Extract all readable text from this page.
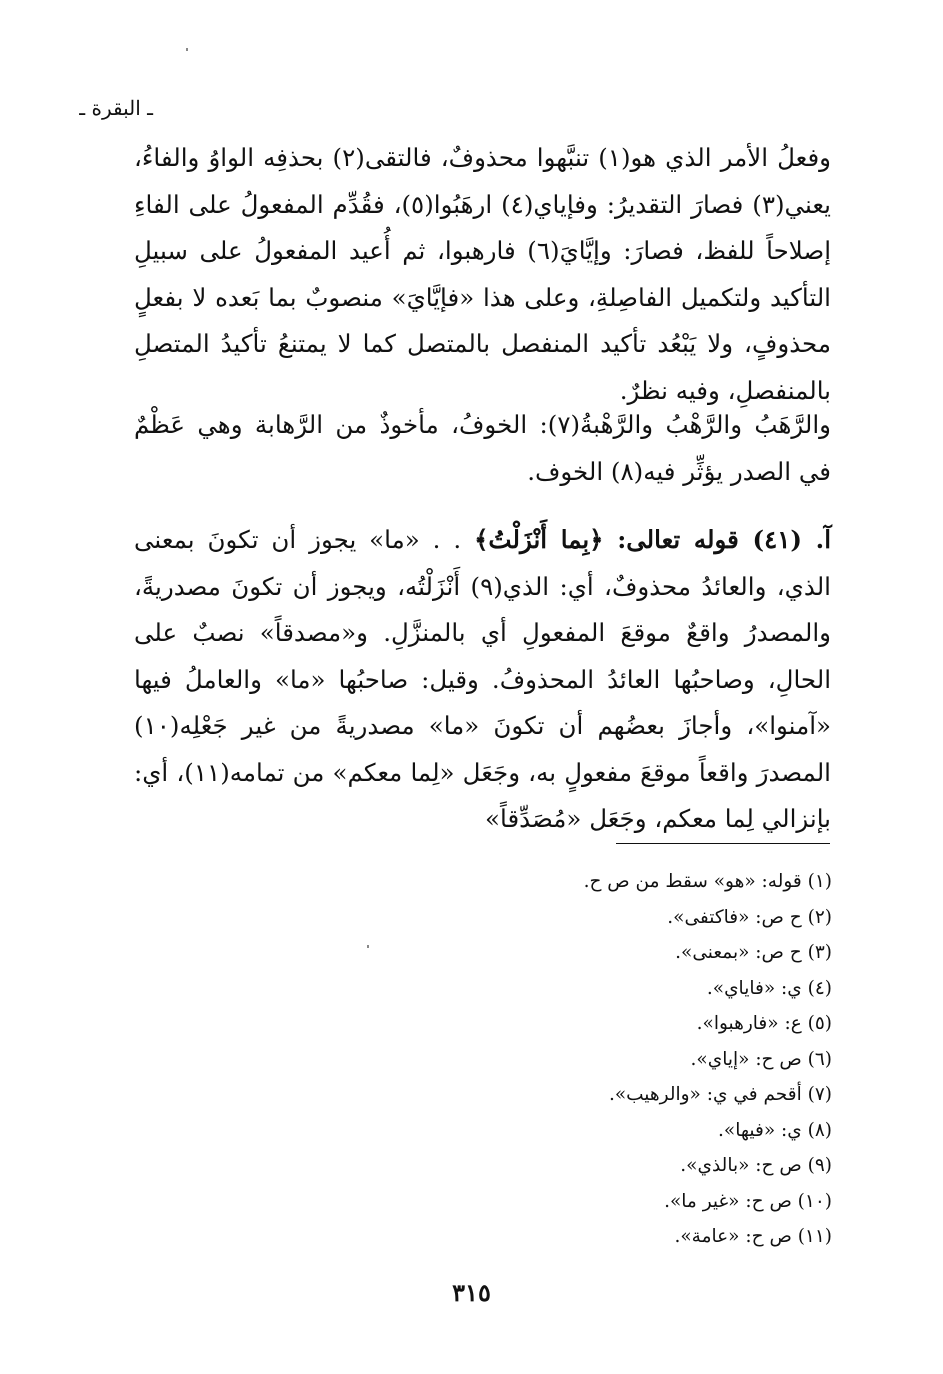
ـ البقرة ـ
وفعلُ الأمر الذي هو(١) تنبَّهوا محذوفٌ، فالتقى(٢) بحذفِه الواوُ والفاءُ، يعني(٣) فصارَ التقديرُ: وفإياي(٤) ارهَبُوا(٥)، فقُدِّم المفعولُ على الفاءِ إصلاحاً للفظ، فصارَ: وإيَّايَ(٦) فارهبوا، ثم أُعيد المفعولُ على سبيلِ التأكيد ولتكميل الفاصِلةِ، وعلى هذا «فإيَّايَ» منصوبٌ بما بَعده لا بفعلٍ محذوفٍ، ولا يَبْعُد تأكيد المنفصل بالمتصل كما لا يمتنعُ تأكيدُ المتصلِ بالمنفصلِ، وفيه نظرٌ.
والرَّهَبُ والرَّهْبُ والرَّهْبةُ(٧): الخوفُ، مأخوذٌ من الرَّهابة وهي عَظْمٌ في الصدر يؤثِّر فيه(٨) الخوف.
آ. (٤١) قوله تعالى: ﴿بِما أَنْزَلْتُ﴾ . . «ما» يجوز أن تكونَ بمعنى الذي، والعائدُ محذوفٌ، أي: الذي(٩) أَنْزَلْتُه، ويجوز أن تكونَ مصدريةً، والمصدرُ واقعٌ موقعَ المفعولِ أي بالمنزَّلِ. و«مصدقاً» نصبٌ على الحالِ، وصاحبُها العائدُ المحذوفُ. وقيل: صاحبُها «ما» والعاملُ فيها «آمنوا»، وأجازَ بعضُهم أن تكونَ «ما» مصدريةً من غير جَعْلِه(١٠) المصدرَ واقعاً موقعَ مفعولٍ به، وجَعَل «لِما معكم» من تمامه(١١)، أي: بإنزالي لِما معكم، وجَعَل «مُصَدِّقاً»
(١) قوله: «هو» سقط من ص ح.
(٢) ح ص: «فاكتفى».
(٣) ح ص: «بمعنى».
(٤) ي: «فاياي».
(٥) ع: «فارهبوا».
(٦) ص ح: «إياي».
(٧) أقحم في ي: «والرهيب».
(٨) ي: «فيها».
(٩) ص ح: «بالذي».
(١٠) ص ح: «غير ما».
(١١) ص ح: «عامة».
٣١٥
